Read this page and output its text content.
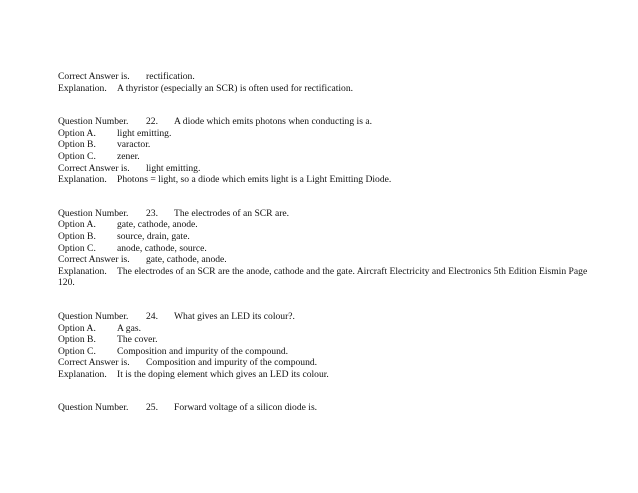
Correct Answer is. rectification.
Explanation. A thyristor (especially an SCR) is often used for rectification.
Question Number. 22. A diode which emits photons when conducting is a.
Option A. light emitting.
Option B. varactor.
Option C. zener.
Correct Answer is. light emitting.
Explanation. Photons = light, so a diode which emits light is a Light Emitting Diode.
Question Number. 23. The electrodes of an SCR are.
Option A. gate, cathode, anode.
Option B. source, drain, gate.
Option C. anode, cathode, source.
Correct Answer is. gate, cathode, anode.
Explanation. The electrodes of an SCR are the anode, cathode and the gate. Aircraft Electricity and Electronics 5th Edition Eismin Page 120.
Question Number. 24. What gives an LED its colour?.
Option A. A gas.
Option B. The cover.
Option C. Composition and impurity of the compound.
Correct Answer is. Composition and impurity of the compound.
Explanation. It is the doping element which gives an LED its colour.
Question Number. 25. Forward voltage of a silicon diode is.
